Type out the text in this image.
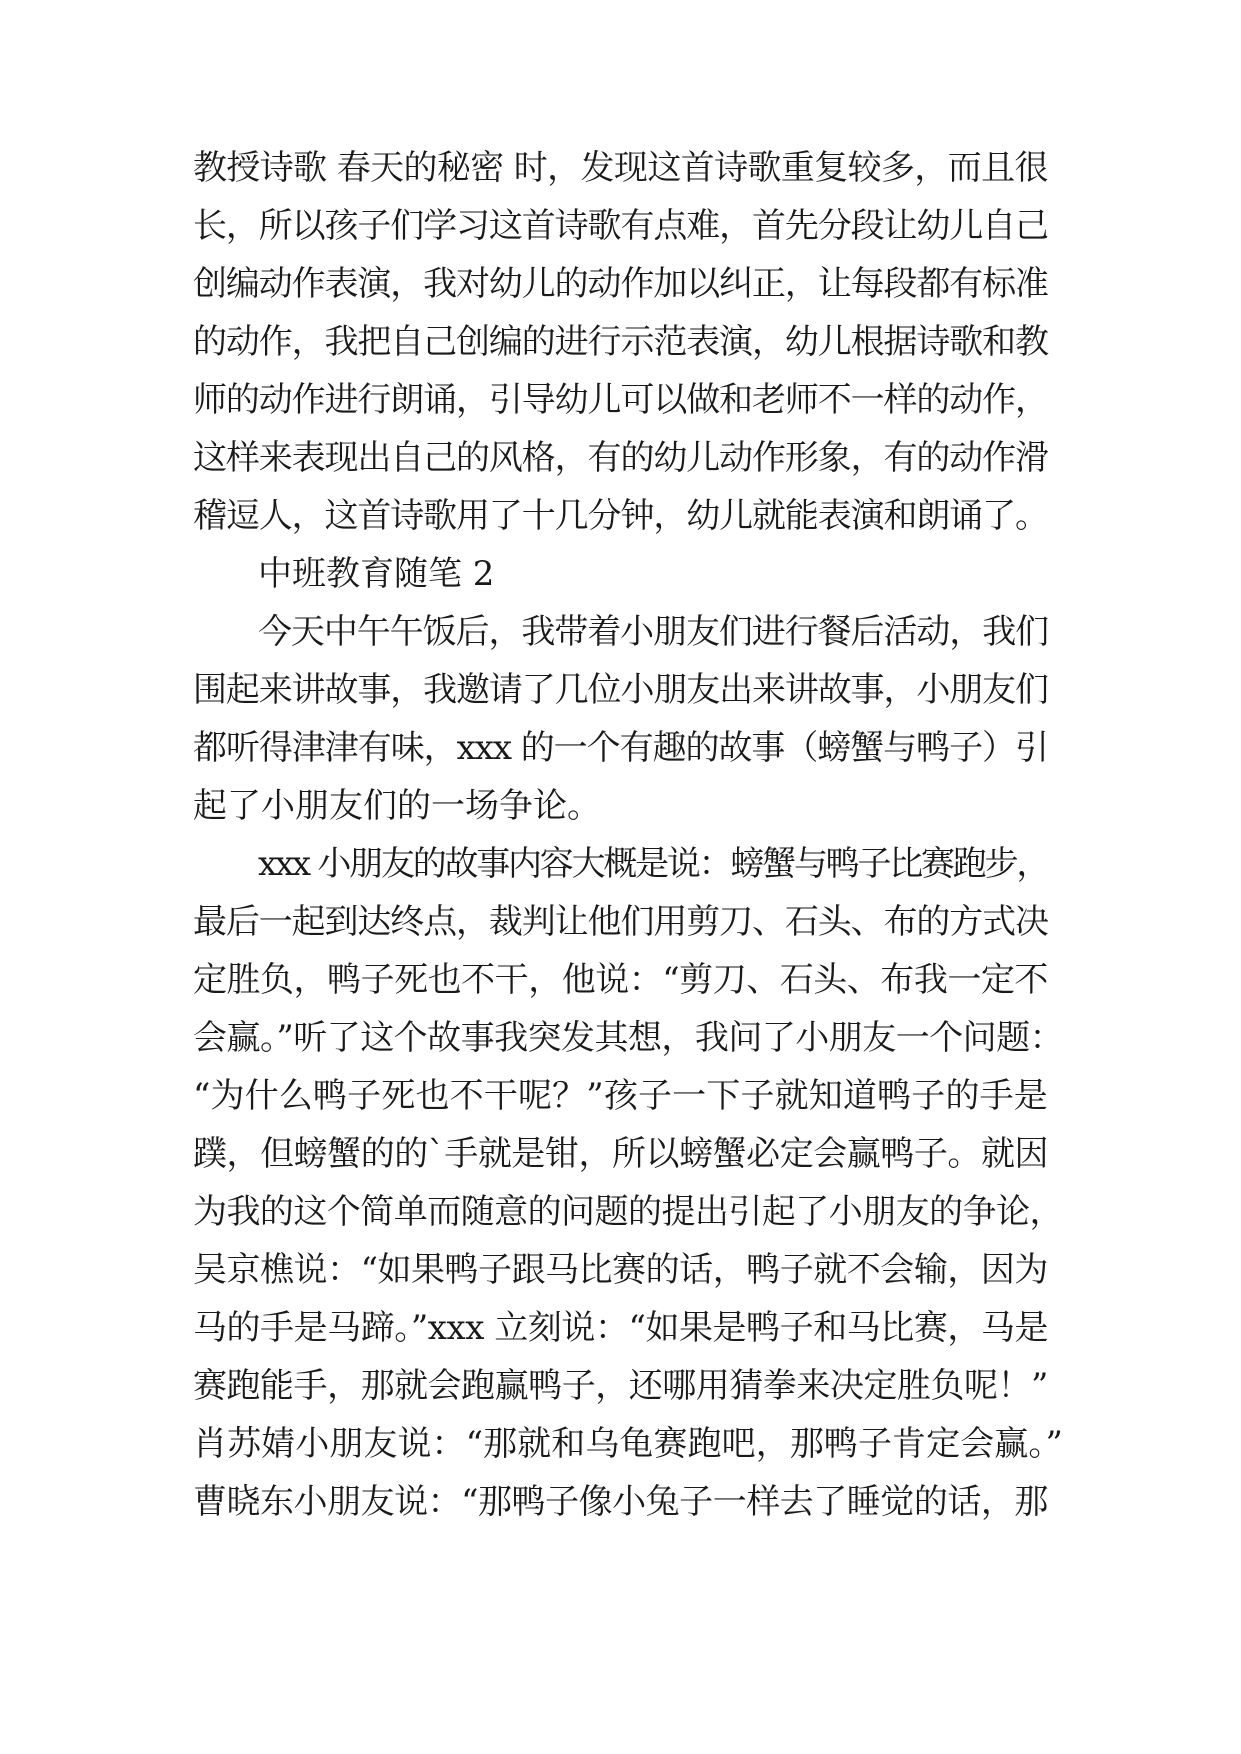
教授诗歌 春天的秘密 时，发现这首诗歌重复较多，而且很
长，所以孩子们学习这首诗歌有点难，首先分段让幼儿自己
创编动作表演，我对幼儿的动作加以纠正，让每段都有标准
的动作，我把自己创编的进行示范表演，幼儿根据诗歌和教
师的动作进行朗诵，引导幼儿可以做和老师不一样的动作，
这样来表现出自己的风格，有的幼儿动作形象，有的动作滑
稽逗人，这首诗歌用了十几分钟，幼儿就能表演和朗诵了。
中班教育随笔 2
今天中午午饭后，我带着小朋友们进行餐后活动，我们
围起来讲故事，我邀请了几位小朋友出来讲故事，小朋友们
都听得津津有味，xxx 的一个有趣的故事（螃蟹与鸭子）引
起了小朋友们的一场争论。
xxx 小朋友的故事内容大概是说：螃蟹与鸭子比赛跑步，
最后一起到达终点，裁判让他们用剪刀、石头、布的方式决
定胜负，鸭子死也不干，他说：“剪刀、石头、布我一定不
会赢。”听了这个故事我突发其想，我问了小朋友一个问题：
“为什么鸭子死也不干呢？”孩子一下子就知道鸭子的手是
蹼，但螃蟹的的`手就是钳，所以螃蟹必定会赢鸭子。就因
为我的这个简单而随意的问题的提出引起了小朋友的争论，
吴京樵说：“如果鸭子跟马比赛的话，鸭子就不会输，因为
马的手是马蹄。”xxx 立刻说：“如果是鸭子和马比赛，马是
赛跑能手，那就会跑赢鸭子，还哪用猜拳来决定胜负呢！”
肖苏婧小朋友说：“那就和乌龟赛跑吧，那鸭子肯定会赢。”
曹晓东小朋友说：“那鸭子像小兔子一样去了睡觉的话，那
